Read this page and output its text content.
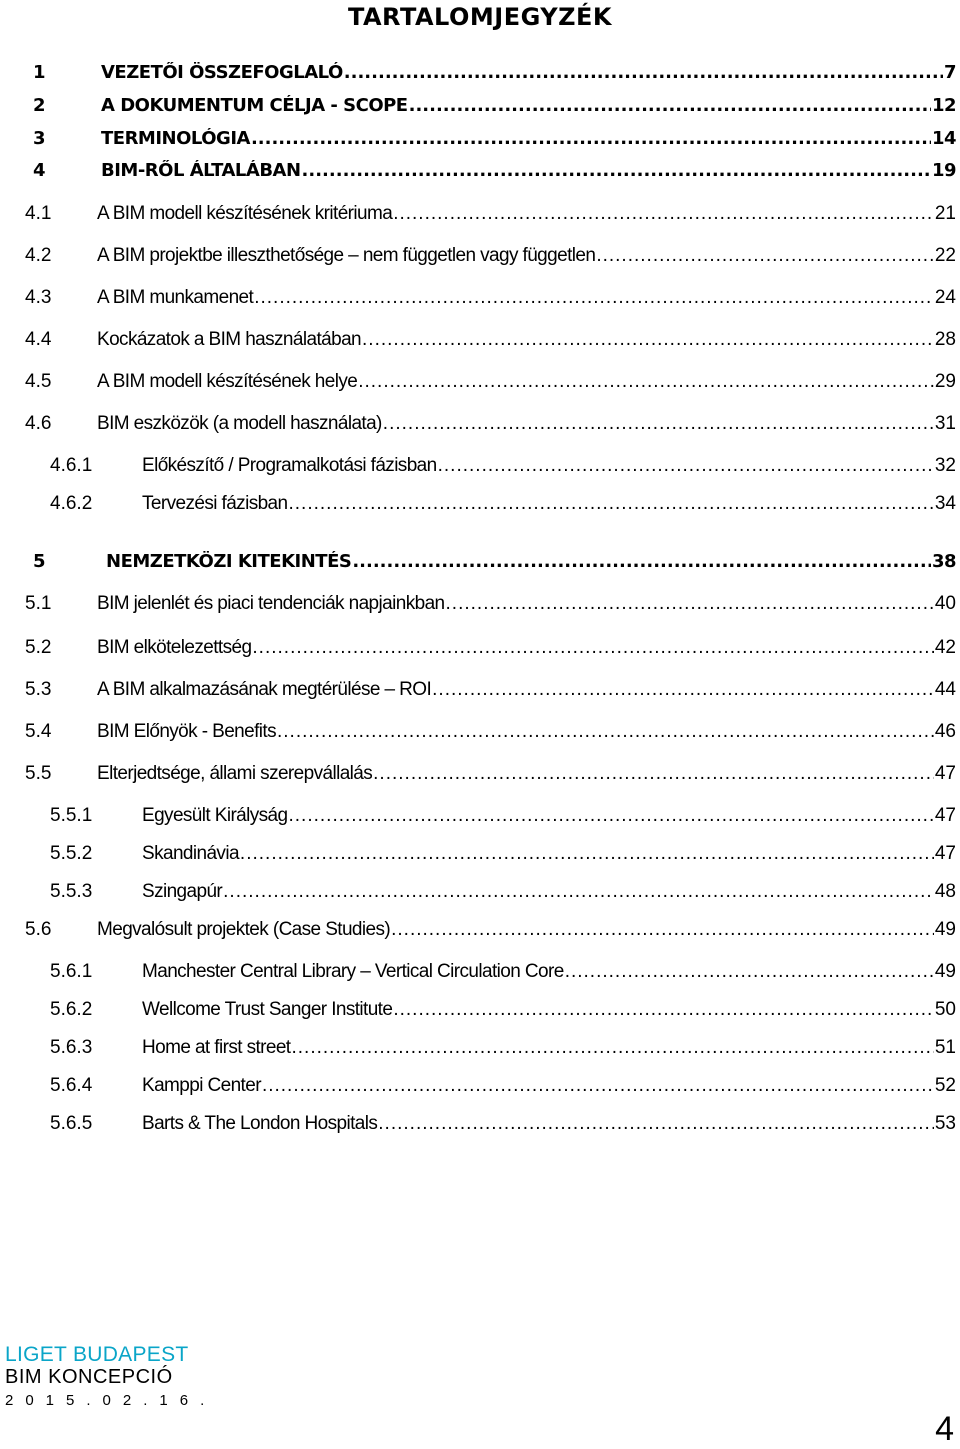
TARTALOMJEGYZÉK
1	VEZETŐI ÖSSZEFOGLALÓ .....	7
2	A DOKUMENTUM CÉLJA - SCOPE .....	12
3	TERMINOLÓGIA .....	14
4	BIM-RŐL ÁLTALÁBAN .....	19
4.1 A BIM modell készítésének kritériuma .....	21
4.2 A BIM projektbe illeszthetősége – nem független vagy független .....	22
4.3 A BIM munkamenet .....	24
4.4 Kockázatok a BIM használatában .....	28
4.5 A BIM modell készítésének helye .....	29
4.6 BIM eszközök (a modell használata) .....	31
4.6.1	Előkészítő / Programalkotási fázisban .....	32
4.6.2	Tervezési fázisban .....	34
5	NEMZETKÖZI KITEKINTÉS .....	38
5.1 BIM jelenlét és piaci tendenciák napjainkban .....	40
5.2 BIM elkötelezettség .....	42
5.3 A BIM alkalmazásának megtérülése – ROI .....	44
5.4 BIM Előnyök - Benefits .....	46
5.5 Elterjedtsége, állami szerepvállalás .....	47
5.5.1	Egyesült Királyság .....	47
5.5.2	Skandinávia .....	47
5.5.3	Szingapúr .....	48
5.6 Megvalósult projektek (Case Studies) .....	49
5.6.1	Manchester Central Library – Vertical Circulation Core .....	49
5.6.2	Wellcome Trust Sanger Institute .....	50
5.6.3	Home at first street .....	51
5.6.4	Kamppi Center .....	52
5.6.5	Barts & The London Hospitals .....	53
LIGET BUDAPEST
BIM KONCEPCIÓ
2015.02.16.
4
